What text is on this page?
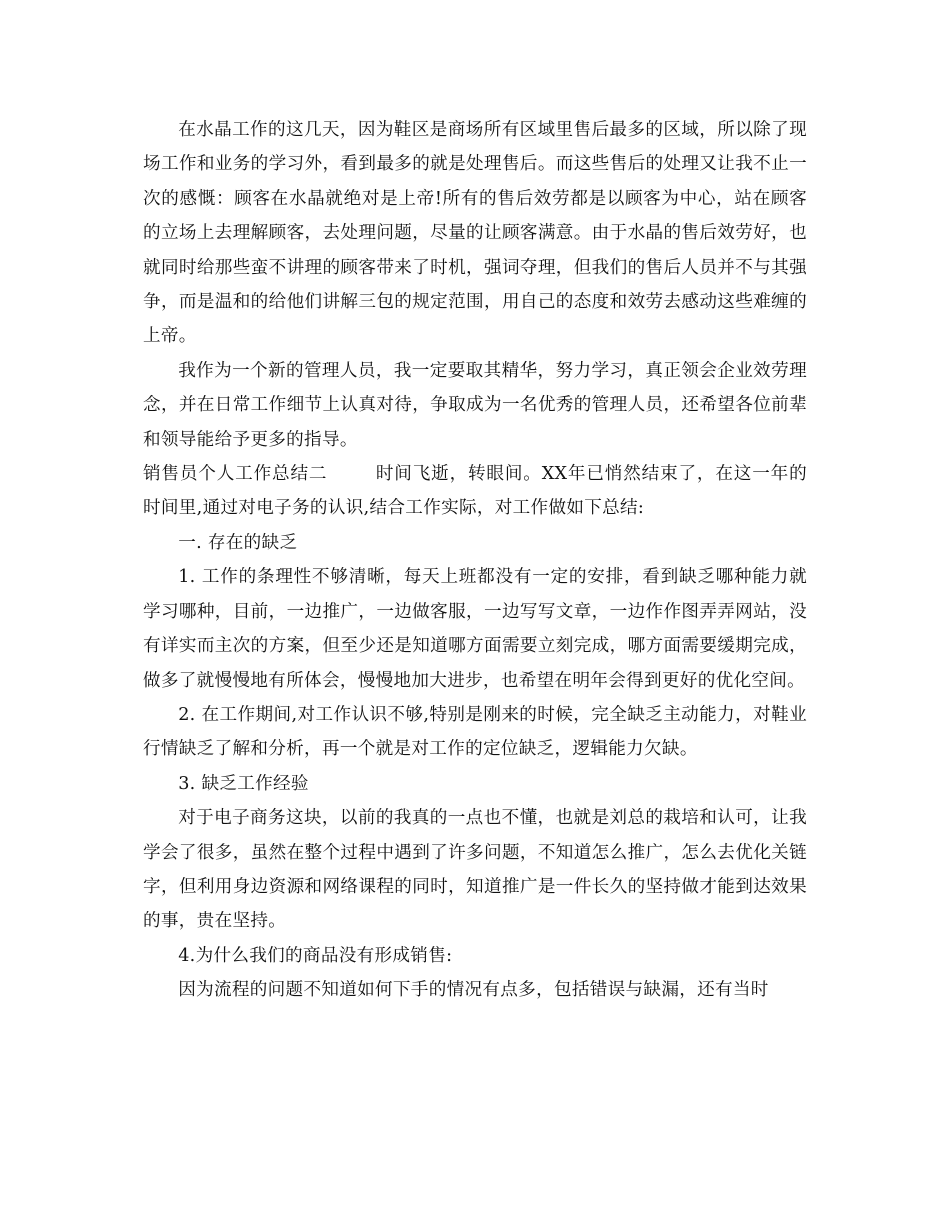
在水晶工作的这几天，因为鞋区是商场所有区域里售后最多的区域，所以除了现场工作和业务的学习外，看到最多的就是处理售后。而这些售后的处理又让我不止一次的感慨：顾客在水晶就绝对是上帝!所有的售后效劳都是以顾客为中心，站在顾客的立场上去理解顾客，去处理问题，尽量的让顾客满意。由于水晶的售后效劳好，也就同时给那些蛮不讲理的顾客带来了时机，强词夺理，但我们的售后人员并不与其强争，而是温和的给他们讲解三包的规定范围，用自己的态度和效劳去感动这些难缠的上帝。

我作为一个新的管理人员，我一定要取其精华，努力学习，真正领会企业效劳理念，并在日常工作细节上认真对待，争取成为一名优秀的管理人员，还希望各位前辈和领导能给予更多的指导。

销售员个人工作总结二	时间飞逝，转眼间。XX年已悄然结束了，在这一年的时间里,通过对电子务的认识,结合工作实际，对工作做如下总结:

一. 存在的缺乏

1. 工作的条理性不够清晰，每天上班都没有一定的安排，看到缺乏哪种能力就学习哪种，目前，一边推广，一边做客服，一边写写文章，一边作作图弄弄网站，没有详实而主次的方案，但至少还是知道哪方面需要立刻完成，哪方面需要缓期完成，做多了就慢慢地有所体会，慢慢地加大进步，也希望在明年会得到更好的优化空间。

2. 在工作期间,对工作认识不够,特别是刚来的时候，完全缺乏主动能力，对鞋业行情缺乏了解和分析，再一个就是对工作的定位缺乏，逻辑能力欠缺。

3. 缺乏工作经验

对于电子商务这块，以前的我真的一点也不懂，也就是刘总的栽培和认可，让我学会了很多，虽然在整个过程中遇到了许多问题，不知道怎么推广，怎么去优化关链字，但利用身边资源和网络课程的同时，知道推广是一件长久的坚持做才能到达效果的事，贵在坚持。

4.为什么我们的商品没有形成销售:

因为流程的问题不知道如何下手的情况有点多，包括错误与缺漏，还有当时
